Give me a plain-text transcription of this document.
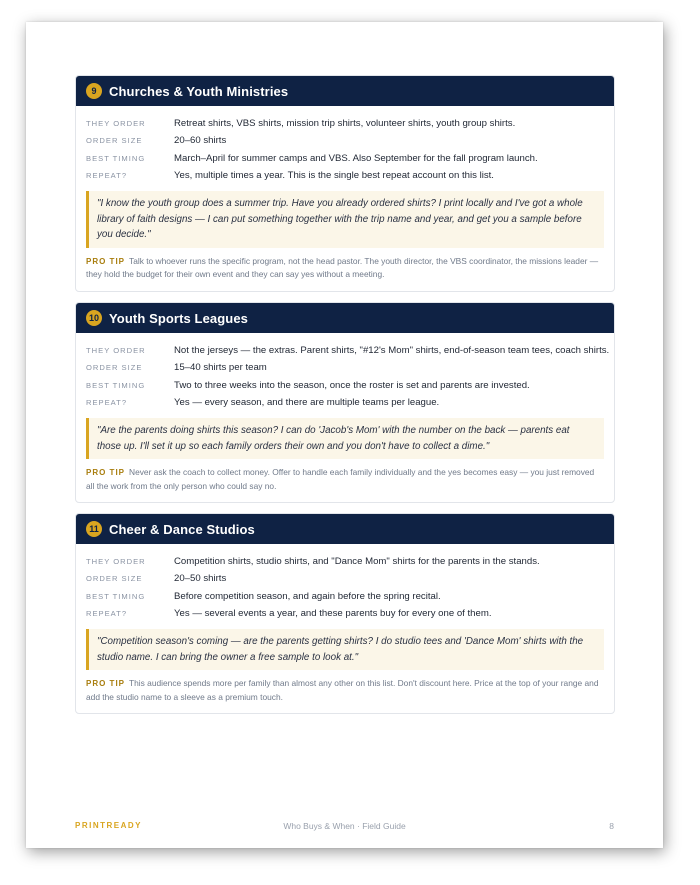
9 Churches & Youth Ministries
THEY ORDER	Retreat shirts, VBS shirts, mission trip shirts, volunteer shirts, youth group shirts.
ORDER SIZE	20–60 shirts
BEST TIMING	March–April for summer camps and VBS. Also September for the fall program launch.
REPEAT?	Yes, multiple times a year. This is the single best repeat account on this list.
"I know the youth group does a summer trip. Have you already ordered shirts? I print locally and I've got a whole library of faith designs — I can put something together with the trip name and year, and get you a sample before you decide."
PRO TIP Talk to whoever runs the specific program, not the head pastor. The youth director, the VBS coordinator, the missions leader — they hold the budget for their own event and they can say yes without a meeting.
10 Youth Sports Leagues
THEY ORDER	Not the jerseys — the extras. Parent shirts, "#12's Mom" shirts, end-of-season team tees, coach shirts.
ORDER SIZE	15–40 shirts per team
BEST TIMING	Two to three weeks into the season, once the roster is set and parents are invested.
REPEAT?	Yes — every season, and there are multiple teams per league.
"Are the parents doing shirts this season? I can do 'Jacob's Mom' with the number on the back — parents eat those up. I'll set it up so each family orders their own and you don't have to collect a dime."
PRO TIP Never ask the coach to collect money. Offer to handle each family individually and the yes becomes easy — you just removed all the work from the only person who could say no.
11 Cheer & Dance Studios
THEY ORDER	Competition shirts, studio shirts, and "Dance Mom" shirts for the parents in the stands.
ORDER SIZE	20–50 shirts
BEST TIMING	Before competition season, and again before the spring recital.
REPEAT?	Yes — several events a year, and these parents buy for every one of them.
"Competition season's coming — are the parents getting shirts? I do studio tees and 'Dance Mom' shirts with the studio name. I can bring the owner a free sample to look at."
PRO TIP This audience spends more per family than almost any other on this list. Don't discount here. Price at the top of your range and add the studio name to a sleeve as a premium touch.
PRINTREADY	Who Buys & When · Field Guide	8
